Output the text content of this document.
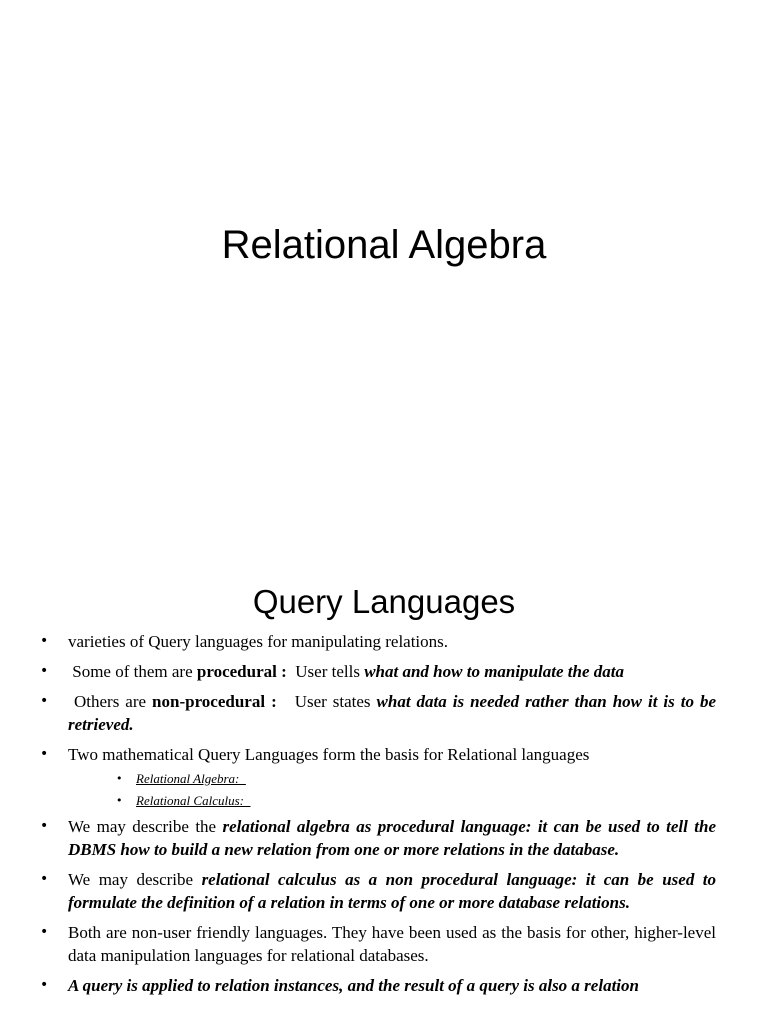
Relational Algebra
Query Languages
• varieties of Query languages for manipulating relations.
• Some of them are procedural :  User tells what and how to manipulate the data
• Others are non-procedural :   User states what data is needed rather than how it is to be retrieved.
• Two mathematical Query Languages form the basis for Relational languages
• Relational Algebra:
• Relational Calculus:
• We may describe the relational algebra as procedural language: it can be used to tell the DBMS how to build a new relation from one or more relations in the database.
• We may describe relational calculus as a non procedural language: it can be used to formulate the definition of a relation in terms of one or more database relations.
• Both are non-user friendly languages. They have been used as the basis for other, higher-level data manipulation languages for relational databases.
• A query is applied to relation instances, and the result of a query is also a relation
